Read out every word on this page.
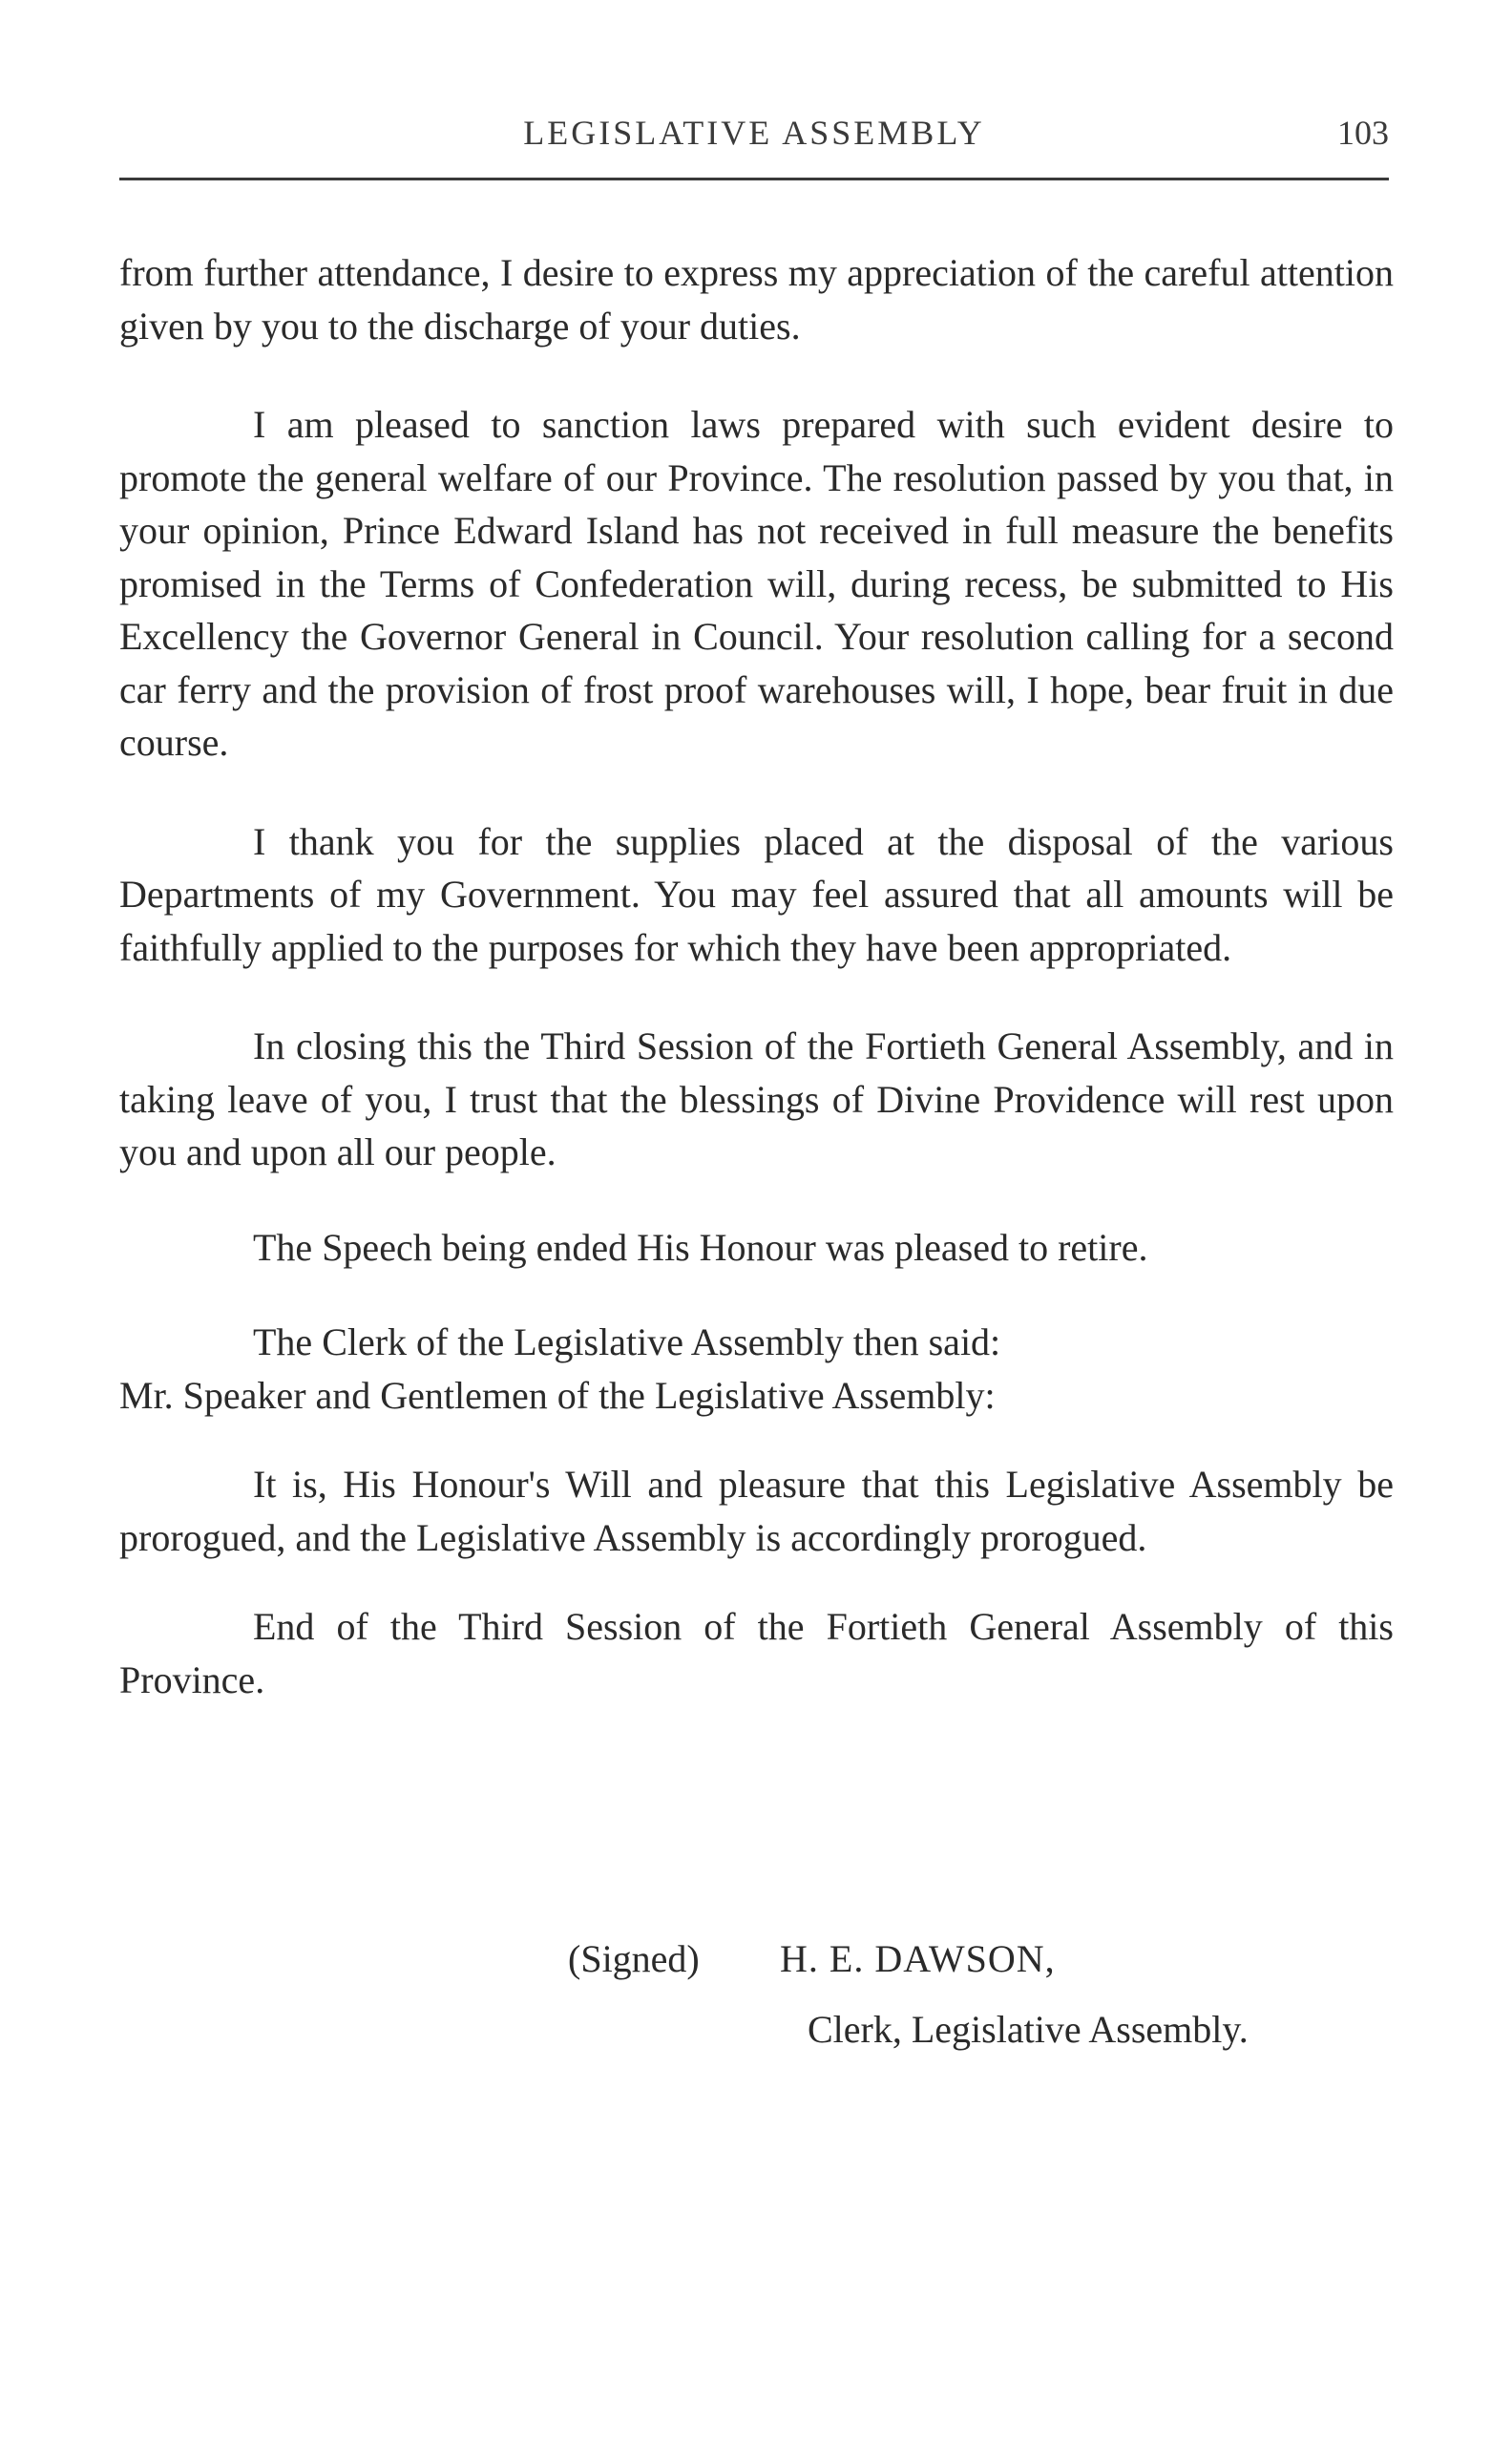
LEGISLATIVE ASSEMBLY	103

from further attendance, I desire to express my appreciation of the careful attention given by you to the discharge of your duties.

I am pleased to sanction laws prepared with such evident desire to promote the general welfare of our Province. The resolution passed by you that, in your opinion, Prince Edward Island has not received in full measure the benefits promised in the Terms of Confederation will, during recess, be submitted to His Excellency the Governor General in Council. Your resolution calling for a second car ferry and the provision of frost proof warehouses will, I hope, bear fruit in due course.

I thank you for the supplies placed at the disposal of the various Departments of my Government. You may feel assured that all amounts will be faithfully applied to the purposes for which they have been appropriated.

In closing this the Third Session of the Fortieth General Assembly, and in taking leave of you, I trust that the blessings of Divine Providence will rest upon you and upon all our people.

The Speech being ended His Honour was pleased to retire.

The Clerk of the Legislative Assembly then said:

Mr. Speaker and Gentlemen of the Legislative Assembly:

It is, His Honour's Will and pleasure that this Legislative Assembly be prorogued, and the Legislative Assembly is accordingly prorogued.

End of the Third Session of the Fortieth General Assembly of this Province.

(Signed) H. E. DAWSON,
Clerk, Legislative Assembly.
